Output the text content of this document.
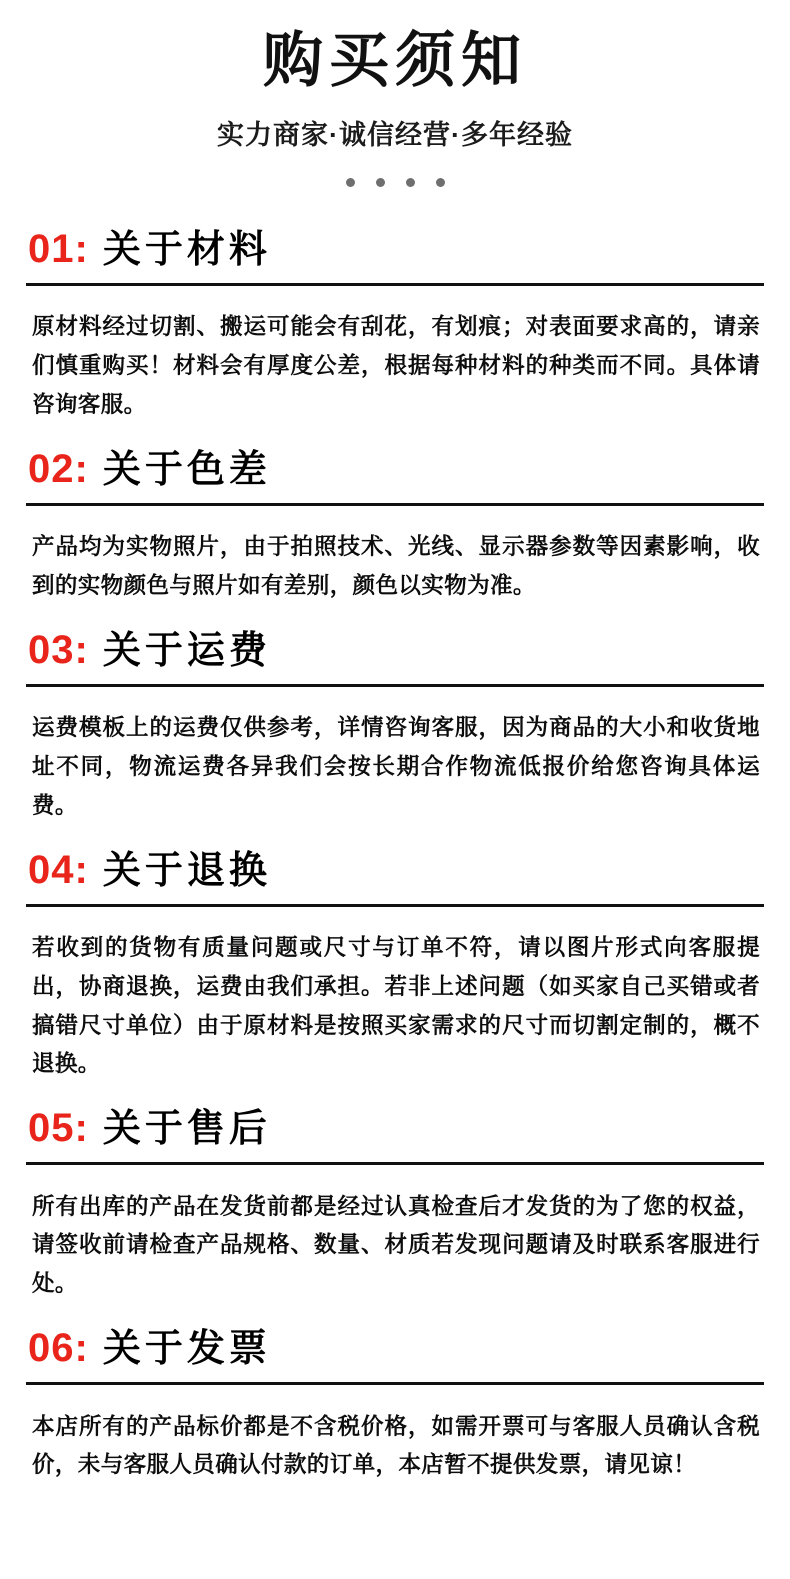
购买须知
实力商家·诚信经营·多年经验
01: 关于材料

原材料经过切割、搬运可能会有刮花，有划痕；对表面要求高的，请亲们慎重购买！材料会有厚度公差，根据每种材料的种类而不同。具体请咨询客服。

02: 关于色差

产品均为实物照片，由于拍照技术、光线、显示器参数等因素影响，收到的实物颜色与照片如有差别，颜色以实物为准。

03: 关于运费

运费模板上的运费仅供参考，详情咨询客服，因为商品的大小和收货地址不同，物流运费各异我们会按长期合作物流低报价给您咨询具体运费。

04: 关于退换

若收到的货物有质量问题或尺寸与订单不符，请以图片形式向客服提出，协商退换，运费由我们承担。若非上述问题（如买家自己买错或者搞错尺寸单位）由于原材料是按照买家需求的尺寸而切割定制的，概不退换。

05: 关于售后

所有出库的产品在发货前都是经过认真检查后才发货的为了您的权益，请签收前请检查产品规格、数量、材质若发现问题请及时联系客服进行处。

06: 关于发票

本店所有的产品标价都是不含税价格，如需开票可与客服人员确认含税价，未与客服人员确认付款的订单，本店暂不提供发票，请见谅！
